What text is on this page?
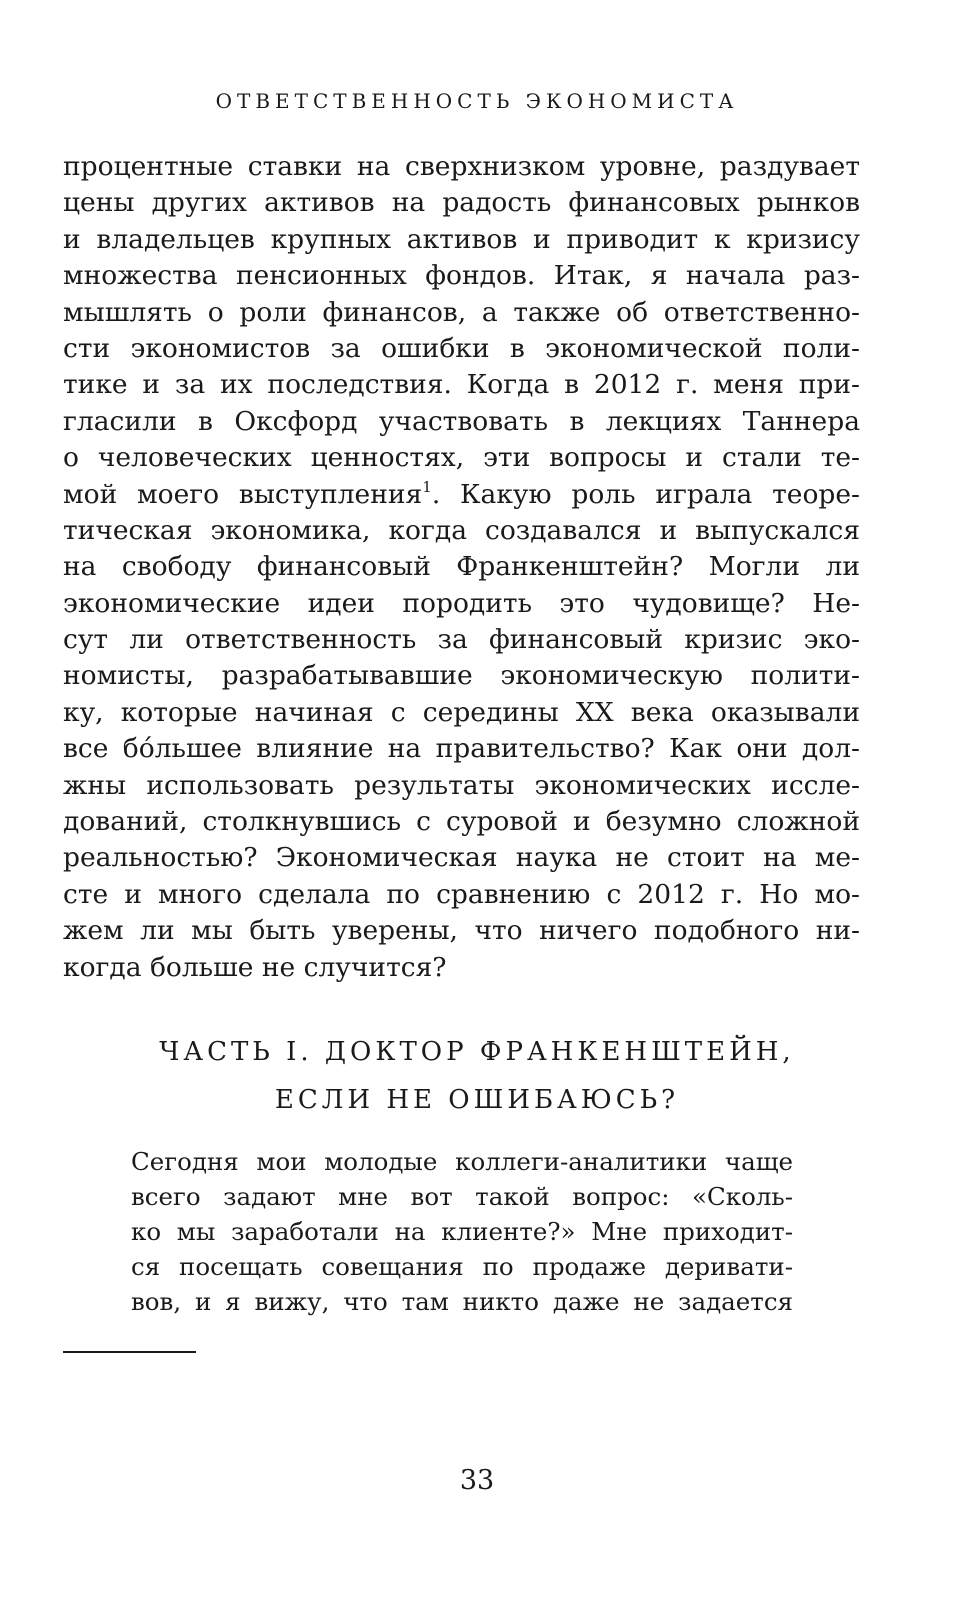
ОТВЕТСТВЕННОСТЬ ЭКОНОМИСТА
процентные ставки на сверхнизком уровне, раздувает
цены других активов на радость финансовых рынков
и владельцев крупных активов и приводит к кризису
множества пенсионных фондов. Итак, я начала раз-
мышлять о роли финансов, а также об ответственно-
сти экономистов за ошибки в экономической поли-
тике и за их последствия. Когда в 2012 г. меня при-
гласили в Оксфорд участвовать в лекциях Таннера
о человеческих ценностях, эти вопросы и стали те-
мой моего выступления$^1$. Какую роль играла теоре-
тическая экономика, когда создавался и выпускался
на свободу финансовый Франкенштейн? Могли ли
экономические идеи породить это чудовище? Не-
сут ли ответственность за финансовый кризис эко-
номисты, разрабатывавшие экономическую полити-
ку, которые начиная с середины XX века оказывали
все бóльшее влияние на правительство? Как они дол-
жны использовать результаты экономических иссле-
дований, столкнувшись с суровой и безумно сложной
реальностью? Экономическая наука не стоит на ме-
сте и много сделала по сравнению с 2012 г. Но мо-
жем ли мы быть уверены, что ничего подобного ни-
когда больше не случится?
ЧАСТЬ I. ДОКТОР ФРАНКЕНШТЕЙН,
ЕСЛИ НЕ ОШИБАЮСЬ?
Сегодня мои молодые коллеги-аналитики чаще
всего задают мне вот такой вопрос: «Сколь-
ко мы заработали на клиенте?» Мне приходит-
ся посещать совещания по продаже деривати-
вов, и я вижу, что там никто даже не задается
33
